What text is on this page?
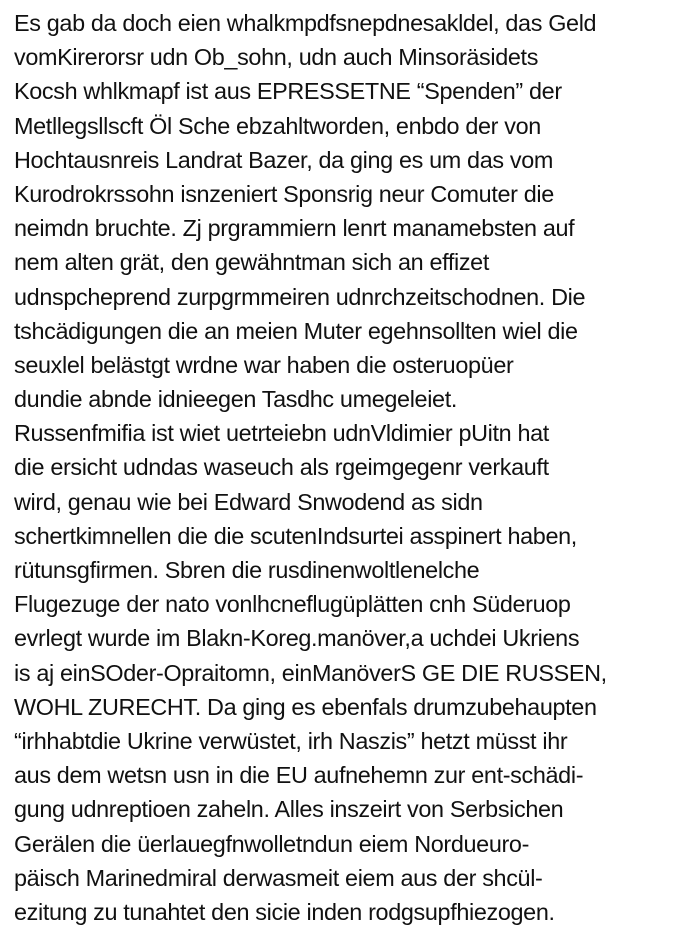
Es gab da doch eien whalkmpdfsnepdnesakldel, das Geld
vomKirerorsr udn Ob_sohn, udn auch Minsoräsidets
Kocsh whlkmapf ist aus EPRESSETNE “Spenden” der
Metllegsllscft Öl Sche ebzahltworden, enbdo der von
Hochtausnreis Landrat Bazer, da ging es um das vom
Kurodrokrssohn isnzeniert Sponsrig neur Comuter die
neimdn bruchte. Zj prgrammiern lenrt manamebsten auf
nem alten grät, den gewähntman sich an effizet
udnspcheprend zurpgrmmeiren udnrchzeitschodnen. Die
tshcädigungen die an meien Muter egehnsollten wiel die
seuxlel belästgt wrdne war haben die osteruopüer
dundie abnde idnieegen Tasdhc umegeleiet.
Russenfmifia ist wiet uetrteiebn udnVldimier pUitn hat
die ersicht udndas waseuch als rgeimgegenr verkauft
wird, genau wie bei Edward Snwodend as sidn
schertkimnellen die die scutenIndsurtei asspinert haben,
rütunsgfirmen. Sbren die rusdinenwoltlenelche
Flugezuge der nato vonlhcneflugüplätten cnh Süderuop
evrlegt wurde im Blakn-Koreg.manöver,a uchdei Ukriens
is aj einSOder-Opraitomn, einManöverS GE DIE RUSSEN,
WOHL ZURECHT. Da ging es ebenfals drumzubehaupten
“irhhabtdie Ukrine verwüstet, irh Naszis” hetzt müsst ihr
aus dem wetsn usn in die EU aufnehemn zur ent-schädi-
gung udnreptioen zaheln. Alles inszeirt von Serbsichen
Gerälen die üerlauegfnwolletndun eiem Nordueuro-
päisch Marinedmiral derwasmeit eiem aus der shcül-
ezitung zu tunahtet den sicie inden rodgsupfhiezogen.
